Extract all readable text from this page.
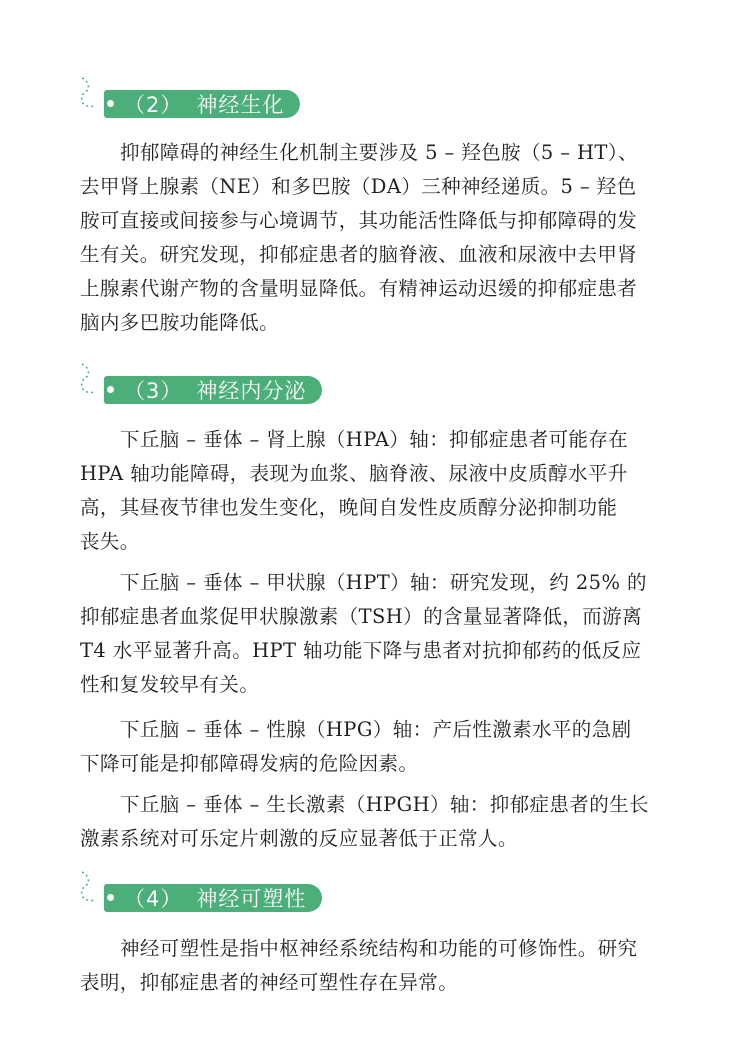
（2） 神经生化
抑郁障碍的神经生化机制主要涉及 5 – 羟色胺（5 – HT）、
去甲肾上腺素（NE）和多巴胺（DA）三种神经递质。5 – 羟色
胺可直接或间接参与心境调节，其功能活性降低与抑郁障碍的发
生有关。研究发现，抑郁症患者的脑脊液、血液和尿液中去甲肾
上腺素代谢产物的含量明显降低。有精神运动迟缓的抑郁症患者
脑内多巴胺功能降低。
（3） 神经内分泌
下丘脑 – 垂体 – 肾上腺（HPA）轴：抑郁症患者可能存在
HPA 轴功能障碍，表现为血浆、脑脊液、尿液中皮质醇水平升
高，其昼夜节律也发生变化，晚间自发性皮质醇分泌抑制功能
丧失。
下丘脑 – 垂体 – 甲状腺（HPT）轴：研究发现，约 25% 的
抑郁症患者血浆促甲状腺激素（TSH）的含量显著降低，而游离
T4 水平显著升高。HPT 轴功能下降与患者对抗抑郁药的低反应
性和复发较早有关。
下丘脑 – 垂体 – 性腺（HPG）轴：产后性激素水平的急剧
下降可能是抑郁障碍发病的危险因素。
下丘脑 – 垂体 – 生长激素（HPGH）轴：抑郁症患者的生长
激素系统对可乐定片刺激的反应显著低于正常人。
（4） 神经可塑性
神经可塑性是指中枢神经系统结构和功能的可修饰性。研究
表明，抑郁症患者的神经可塑性存在异常。
